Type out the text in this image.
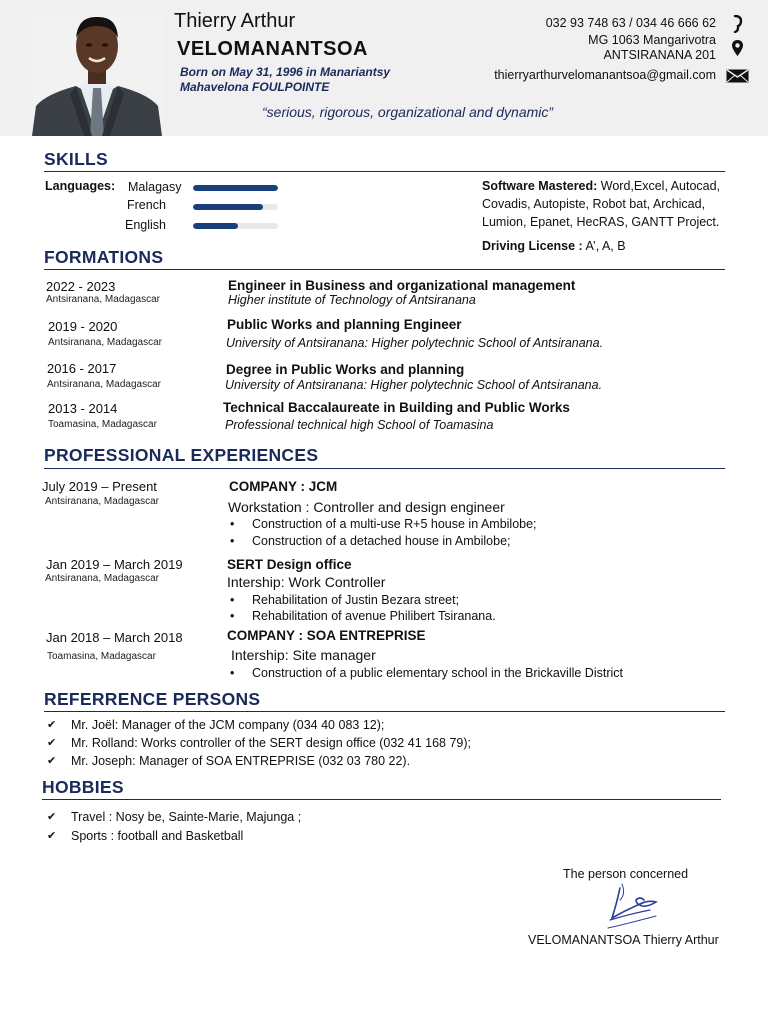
Thierry Arthur
VELOMANANTSOA
Born on May 31, 1996 in Manariantsy
Mahavelona FOULPOINTE
“serious, rigorous, organizational and dynamic”
032 93 748 63 / 034 46 666 62
MG 1063 Mangarivotra
ANTSIRANANA 201
thierryarthurvelomanantsoa@gmail.com
SKILLS
Languages: Malagasy
French
English
Software Mastered: Word,Excel, Autocad,
Covadis, Autopiste, Robot bat, Archicad,
Lumion, Epanet, HecRAS, GANTT Project.
Driving License : A’, A, B
FORMATIONS
2022 - 2023
Antsiranana, Madagascar
Engineer in Business and organizational management
Higher institute of Technology of Antsiranana
2019 - 2020
Antsiranana, Madagascar
Public Works and planning Engineer
University of Antsiranana: Higher polytechnic School of Antsiranana.
2016 - 2017
Antsiranana, Madagascar
Degree in Public Works and planning
University of Antsiranana: Higher polytechnic School of Antsiranana.
2013 - 2014
Toamasina, Madagascar
Technical Baccalaureate in Building and Public Works
Professional technical high School of Toamasina
PROFESSIONAL EXPERIENCES
July 2019 – Present
Antsiranana, Madagascar
COMPANY : JCM
Workstation : Controller and design engineer
• Construction of a multi-use R+5 house in Ambilobe;
• Construction of a detached house in Ambilobe;
Jan 2019 – March 2019
Antsiranana, Madagascar
SERT Design office
Intership: Work Controller
• Rehabilitation of Justin Bezara street;
• Rehabilitation of avenue Philibert Tsiranana.
Jan 2018 – March 2018
Toamasina, Madagascar
COMPANY : SOA ENTREPRISE
Intership: Site manager
• Construction of a public elementary school in the Brickaville District
REFERRENCE PERSONS
✔ Mr. Joël: Manager of the JCM company (034 40 083 12);
✔ Mr. Rolland: Works controller of the SERT design office (032 41 168 79);
✔ Mr. Joseph: Manager of SOA ENTREPRISE (032 03 780 22).
HOBBIES
✔ Travel : Nosy be, Sainte-Marie, Majunga ;
✔ Sports : football and Basketball
The person concerned
VELOMANANTSOA Thierry Arthur
